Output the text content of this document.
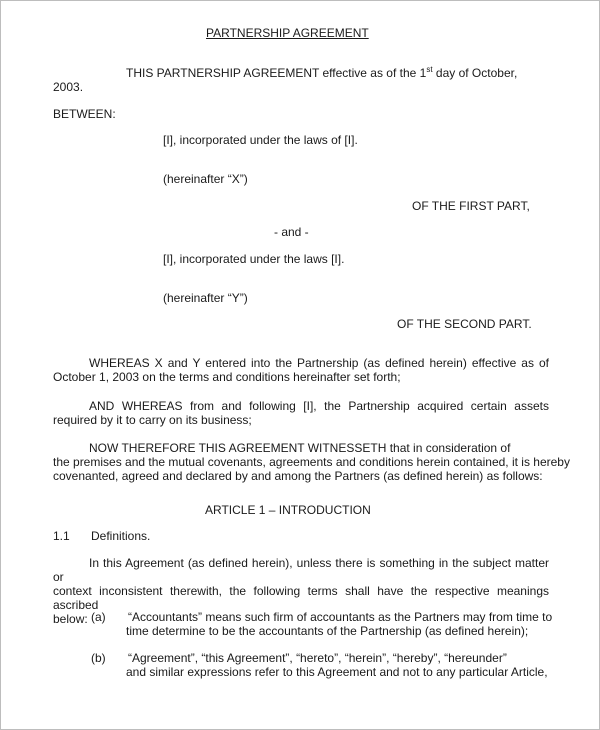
PARTNERSHIP AGREEMENT
THIS PARTNERSHIP AGREEMENT effective as of the 1st day of October,
2003.
BETWEEN:
[I], incorporated under the laws of [I].
(hereinafter “X”)
OF THE FIRST PART,
- and -
[I], incorporated under the laws [I].
(hereinafter “Y”)
OF THE SECOND PART.
WHEREAS X and Y entered into the Partnership (as defined herein) effective as of
October 1, 2003 on the terms and conditions hereinafter set forth;
AND WHEREAS from and following [I], the Partnership acquired certain assets
required by it to carry on its business;
NOW THEREFORE THIS AGREEMENT WITNESSETH that in consideration of
the premises and the mutual covenants, agreements and conditions herein contained, it is hereby
covenanted, agreed and declared by and among the Partners (as defined herein) as follows:
ARTICLE 1 – INTRODUCTION
1.1 Definitions.
In this Agreement (as defined herein), unless there is something in the subject matter or
context inconsistent therewith, the following terms shall have the respective meanings ascribed
below: (a) “Accountants” means such firm of accountants as the Partners may from time to
time determine to be the accountants of the Partnership (as defined herein);
(b) “Agreement”, “this Agreement”, “hereto”, “herein”, “hereby”, “hereunder”
and similar expressions refer to this Agreement and not to any particular Article,
